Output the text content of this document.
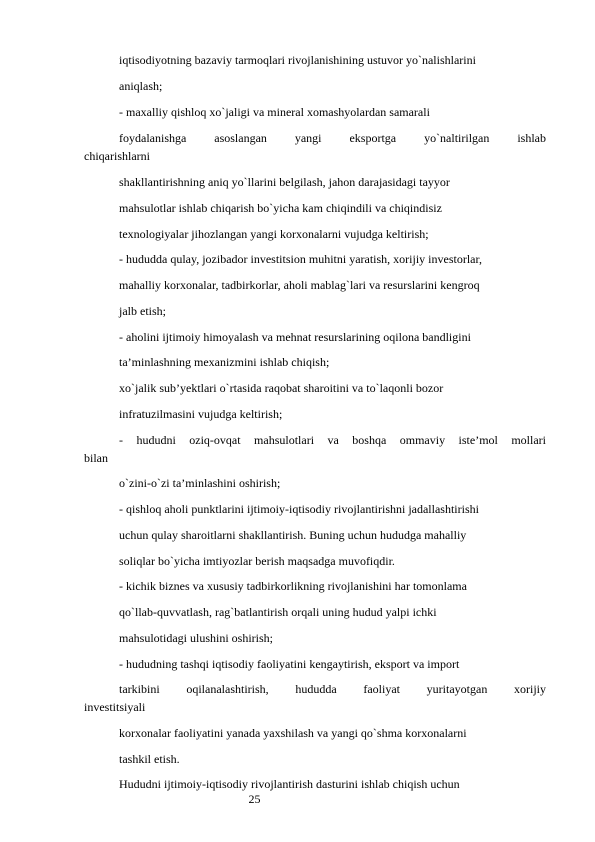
iqtisodiyotning bazaviy tarmoqlari rivojlanishining ustuvor yo`nalishlarini
aniqlash;
- maxalliy qishloq xo`jaligi va mineral xomashyolardan samarali
foydalanishga asoslangan yangi eksportga yo`naltirilgan ishlab
chiqarishlarni
shakllantirishning aniq yo`llarini belgilash, jahon darajasidagi tayyor
mahsulotlar ishlab chiqarish bo`yicha kam chiqindili va chiqindisiz
texnologiyalar jihozlangan yangi korxonalarni vujudga keltirish;
- hududda qulay, jozibador investitsion muhitni yaratish, xorijiy investorlar,
mahalliy korxonalar, tadbirkorlar, aholi mablag`lari va resurslarini kengroq
jalb etish;
- aholini ijtimoiy himoyalash va mehnat resurslarining oqilona bandligini
ta’minlashning mexanizmini ishlab chiqish;
xo`jalik sub’yektlari o`rtasida raqobat sharoitini va to`laqonli bozor
infratuzilmasini vujudga keltirish;
- hududni oziq-ovqat mahsulotlari va boshqa ommaviy iste’mol mollari
bilan
o`zini-o`zi ta’minlashini oshirish;
- qishloq aholi punktlarini ijtimoiy-iqtisodiy rivojlantirishni jadallashtirishi
uchun qulay sharoitlarni shakllantirish. Buning uchun hududga mahalliy
soliqlar bo`yicha imtiyozlar berish maqsadga muvofiqdir.
- kichik biznes va xususiy tadbirkorlikning rivojlanishini har tomonlama
qo`llab-quvvatlash, rag`batlantirish orqali uning hudud yalpi ichki
mahsulotidagi ulushini oshirish;
- hududning tashqi iqtisodiy faoliyatini kengaytirish, eksport va import
tarkibini oqilanalashtirish, hududda faoliyat yuritayotgan xorijiy
investitsiyali
korxonalar faoliyatini yanada yaxshilash va yangi qo`shma korxonalarni
tashkil etish.
Hududni ijtimoiy-iqtisodiy rivojlantirish dasturini ishlab chiqish uchun
25
